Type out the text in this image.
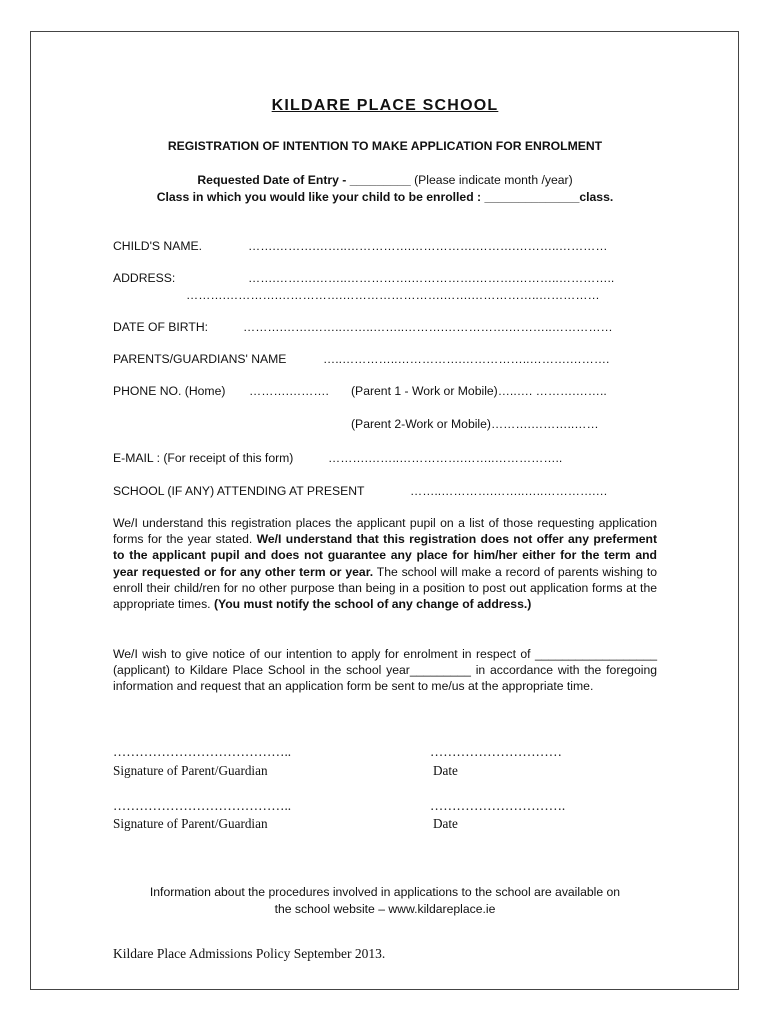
KILDARE PLACE SCHOOL
REGISTRATION OF INTENTION TO MAKE APPLICATION FOR ENROLMENT
Requested Date of Entry - _________ (Please indicate month /year)
Class in which you would like your child to be enrolled : ______________class.
CHILD'S NAME.	…….……….……..…………….…………….……….………..…………
ADDRESS:	…….……….……..…………….…………….……….………..…………..
……….………….…………….…………………….…….……………..……………
DATE OF BIRTH:	……….…….……..……..……..……….…………….………..……………
PARENTS/GUARDIANS' NAME	…..…………..…………….……………..……….……….
PHONE NO. (Home) ……….………. (Parent 1 - Work or Mobile)…..…. ……….……..
(Parent 2-Work or Mobile)……….………..……
E-MAIL : (For receipt of this form)	……….……..…………….……..……………..
SCHOOL (IF ANY) ATTENDING AT PRESENT	……..………….……..…..………….…
We/I understand this registration places the applicant pupil on a list of those requesting application forms for the year stated. We/I understand that this registration does not offer any preferment to the applicant pupil and does not guarantee any place for him/her either for the term and year requested or for any other term or year. The school will make a record of parents wishing to enroll their child/ren for no other purpose than being in a position to post out application forms at the appropriate times. (You must notify the school of any change of address.)
We/I wish to give notice of our intention to apply for enrolment in respect of __________________ (applicant) to Kildare Place School in the school year_________ in accordance with the foregoing information and request that an application form be sent to me/us at the appropriate time.
…………………………………..
Signature of Parent/Guardian
…………………………
Date
…………………………………..
Signature of Parent/Guardian
………………………….
Date
Information about the procedures involved in applications to the school are available on
the school website – www.kildareplace.ie
Kildare Place Admissions Policy September 2013.
